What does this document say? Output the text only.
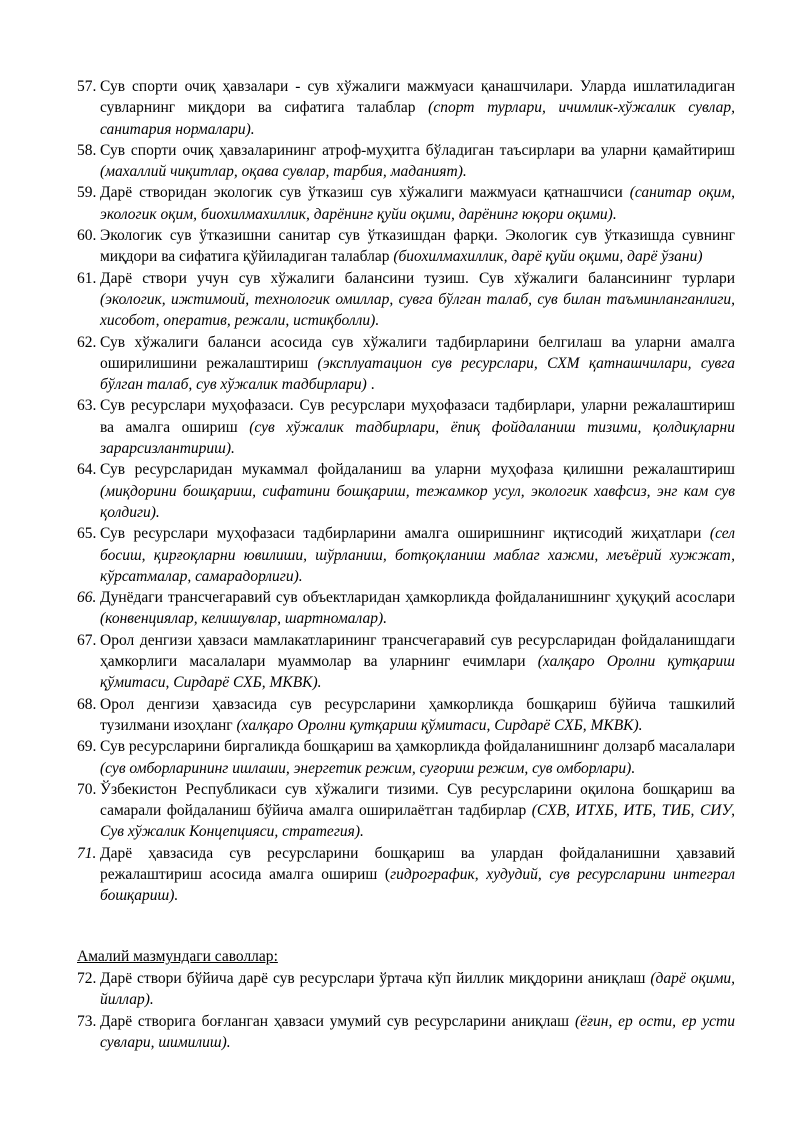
57. Сув спорти очиқ ҳавзалари - сув хўжалиги мажмуаси қанашчилари. Уларда ишлатиладиган сувларнинг миқдори ва сифатига талаблар (спорт турлари, ичимлик-хўжалик сувлар, санитария нормалари).
58. Сув спорти очиқ ҳавзаларининг атроф-муҳитга бўладиган таъсирлари ва уларни қамайтириш (махаллий чиқитлар, оқава сувлар, тарбия, маданият).
59. Дарё створидан экологик сув ўтказиш сув хўжалиги мажмуаси қатнашчиси (санитар оқим, экологик оқим, биохилмахиллик, дарёнинг қуйи оқими, дарёнинг юқори оқими).
60. Экологик сув ўтказишни санитар сув ўтказишдан фарқи. Экологик сув ўтказишда сувнинг миқдори ва сифатига қўйиладиган талаблар (биохилмахиллик, дарё қуйи оқими, дарё ўзани)
61. Дарё створи учун сув хўжалиги балансини тузиш. Сув хўжалиги балансининг турлари (экологик, ижтимоий, технологик омиллар, сувга бўлган талаб, сув билан таъминланганлиги, хисобот, оператив, режали, истиқболли).
62. Сув хўжалиги баланси асосида сув хўжалиги тадбирларини белгилаш ва уларни амалга оширилишини режалаштириш (эксплуатацион сув ресурслари, СХМ қатнашчилари, сувга бўлган талаб, сув хўжалик тадбирлари) .
63. Сув ресурслари муҳофазаси. Сув ресурслари муҳофазаси тадбирлари, уларни режалаштириш ва амалга ошириш (сув хўжалик тадбирлари, ёпиқ фойдаланиш тизими, қолдиқларни зарарсизлантириш).
64. Сув ресурсларидан мукаммал фойдаланиш ва уларни муҳофаза қилишни режалаштириш (миқдорини бошқариш, сифатини бошқариш, тежамкор усул, экологик хавфсиз, энг кам сув қолдиги).
65. Сув ресурслари муҳофазаси тадбирларини амалга оширишнинг иқтисодий жиҳатлари (сел босиш, қирғоқларни ювилиши, шўрланиш, ботқоқланиш маблаг хажми, меъёрий хужжат, кўрсатмалар, самарадорлиги).
66. Дунёдаги трансчегаравий сув объектларидан ҳамкорликда фойдаланишнинг ҳуқуқий асослари (конвенциялар, келишувлар, шартномалар).
67. Орол денгизи ҳавзаси мамлакатларининг трансчегаравий сув ресурсларидан фойдаланишдаги ҳамкорлиги масалалари муаммолар ва уларнинг ечимлари (халқаро Оролни қутқариш қўмитаси, Сирдарё СХБ, МКВК).
68. Орол денгизи ҳавзасида сув ресурсларини ҳамкорликда бошқариш бўйича ташкилий тузилмани изоҳланг (халқаро Оролни қутқариш қўмитаси, Сирдарё СХБ, МКВК).
69. Сув ресурсларини биргаликда бошқариш ва ҳамкорликда фойдаланишнинг долзарб масалалари (сув омборларининг ишлаши, энергетик режим, суғориш режим, сув омборлари).
70. Ўзбекистон Республикаси сув хўжалиги тизими. Сув ресурсларини оқилона бошқариш ва самарали фойдаланиш бўйича амалга оширилаётган тадбирлар (СХВ, ИТХБ, ИТБ, ТИБ, СИУ, Сув хўжалик Концепцияси, стратегия).
71. Дарё ҳавзасида сув ресурсларини бошқариш ва улардан фойдаланишни ҳавзавий режалаштириш асосида амалга ошириш (гидрографик, худудий, сув ресурсларини интеграл бошқариш).
Амалий мазмундаги саволлар:
72. Дарё створи бўйича дарё сув ресурслари ўртача кўп йиллик миқдорини аниқлаш (дарё оқими, йиллар).
73. Дарё створига боғланган ҳавзаси умумий сув ресурсларини аниқлаш (ёғин, ер ости, ер усти сувлари, шимилиш).
